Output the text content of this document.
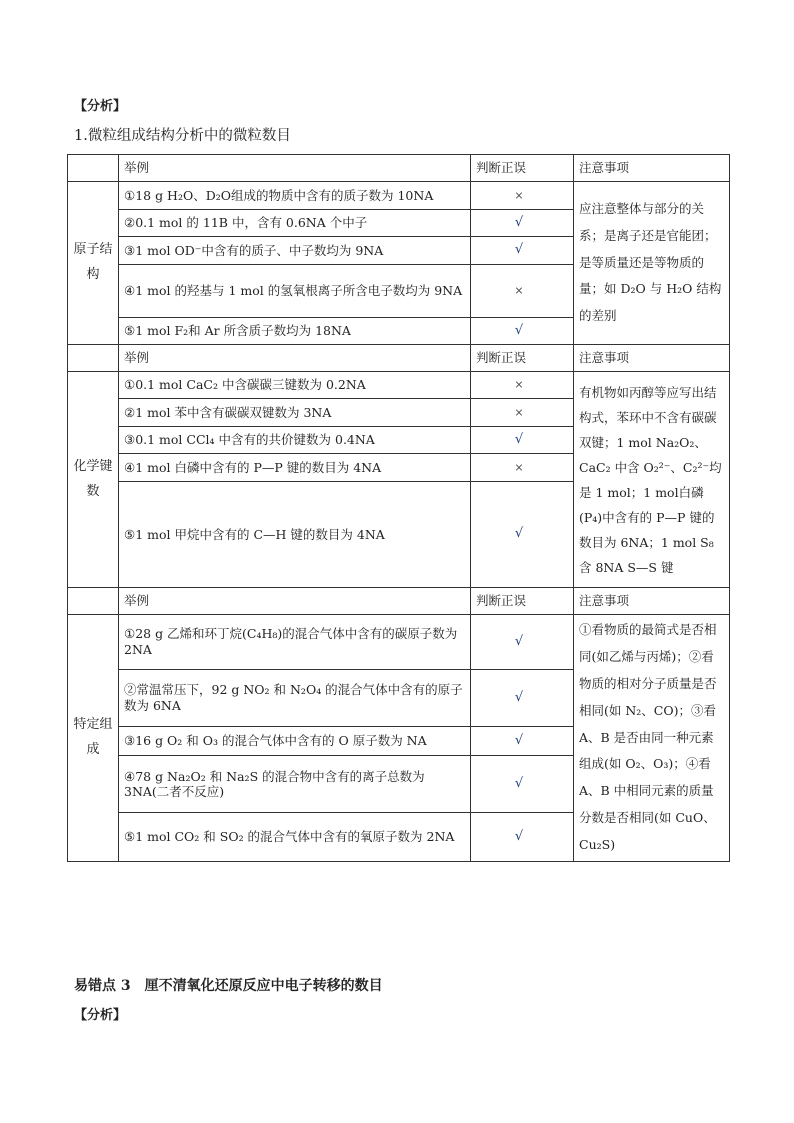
【分析】
1.微粒组成结构分析中的微粒数目
	举例	判断正误	注意事项
原子结构	①18 g H₂O、D₂O组成的物质中含有的质子数为 10NA	×	应注意整体与部分的关系；是离子还是官能团；是等质量还是等物质的量；如 D₂O 与 H₂O 结构的差别
	②0.1 mol 的 11B 中，含有 0.6NA 个中子	√	
	③1 mol OD⁻中含有的质子、中子数均为 9NA	√	
	④1 mol 的羟基与 1 mol 的氢氧根离子所含电子数均为 9NA	×	
	⑤1 mol F₂和 Ar 所含质子数均为 18NA	√	
	举例	判断正误	注意事项
化学键数	①0.1 mol CaC₂ 中含碳碳三键数为 0.2NA	×	有机物如丙醇等应写出结构式，苯环中不含有碳碳双键；1 mol Na₂O₂、CaC₂ 中含 O₂²⁻、C₂²⁻均是 1 mol；1 mol白磷(P₄)中含有的 P—P 键的数目为 6NA；1 mol S₈ 含 8NA S—S 键
	②1 mol 苯中含有碳碳双键数为 3NA	×	
	③0.1 mol CCl₄ 中含有的共价键数为 0.4NA	√	
	④1 mol 白磷中含有的 P—P 键的数目为 4NA	×	
	⑤1 mol 甲烷中含有的 C—H 键的数目为 4NA	√	
	举例	判断正误	注意事项
特定组成	①28 g 乙烯和环丁烷(C₄H₈)的混合气体中含有的碳原子数为 2NA	√	①看物质的最简式是否相同(如乙烯与丙烯)；②看物质的相对分子质量是否相同(如 N₂、CO)；③看 A、B 是否由同一种元素组成(如 O₂、O₃)；④看 A、B 中相同元素的质量分数是否相同(如 CuO、Cu₂S)
	②常温常压下，92 g NO₂ 和 N₂O₄ 的混合气体中含有的原子数为 6NA	√	
	③16 g O₂ 和 O₃ 的混合气体中含有的 O 原子数为 NA	√	
	④78 g Na₂O₂ 和 Na₂S 的混合物中含有的离子总数为 3NA(二者不反应)	√	
	⑤1 mol CO₂ 和 SO₂ 的混合气体中含有的氧原子数为 2NA	√	
易错点 3　厘不清氧化还原反应中电子转移的数目
【分析】
